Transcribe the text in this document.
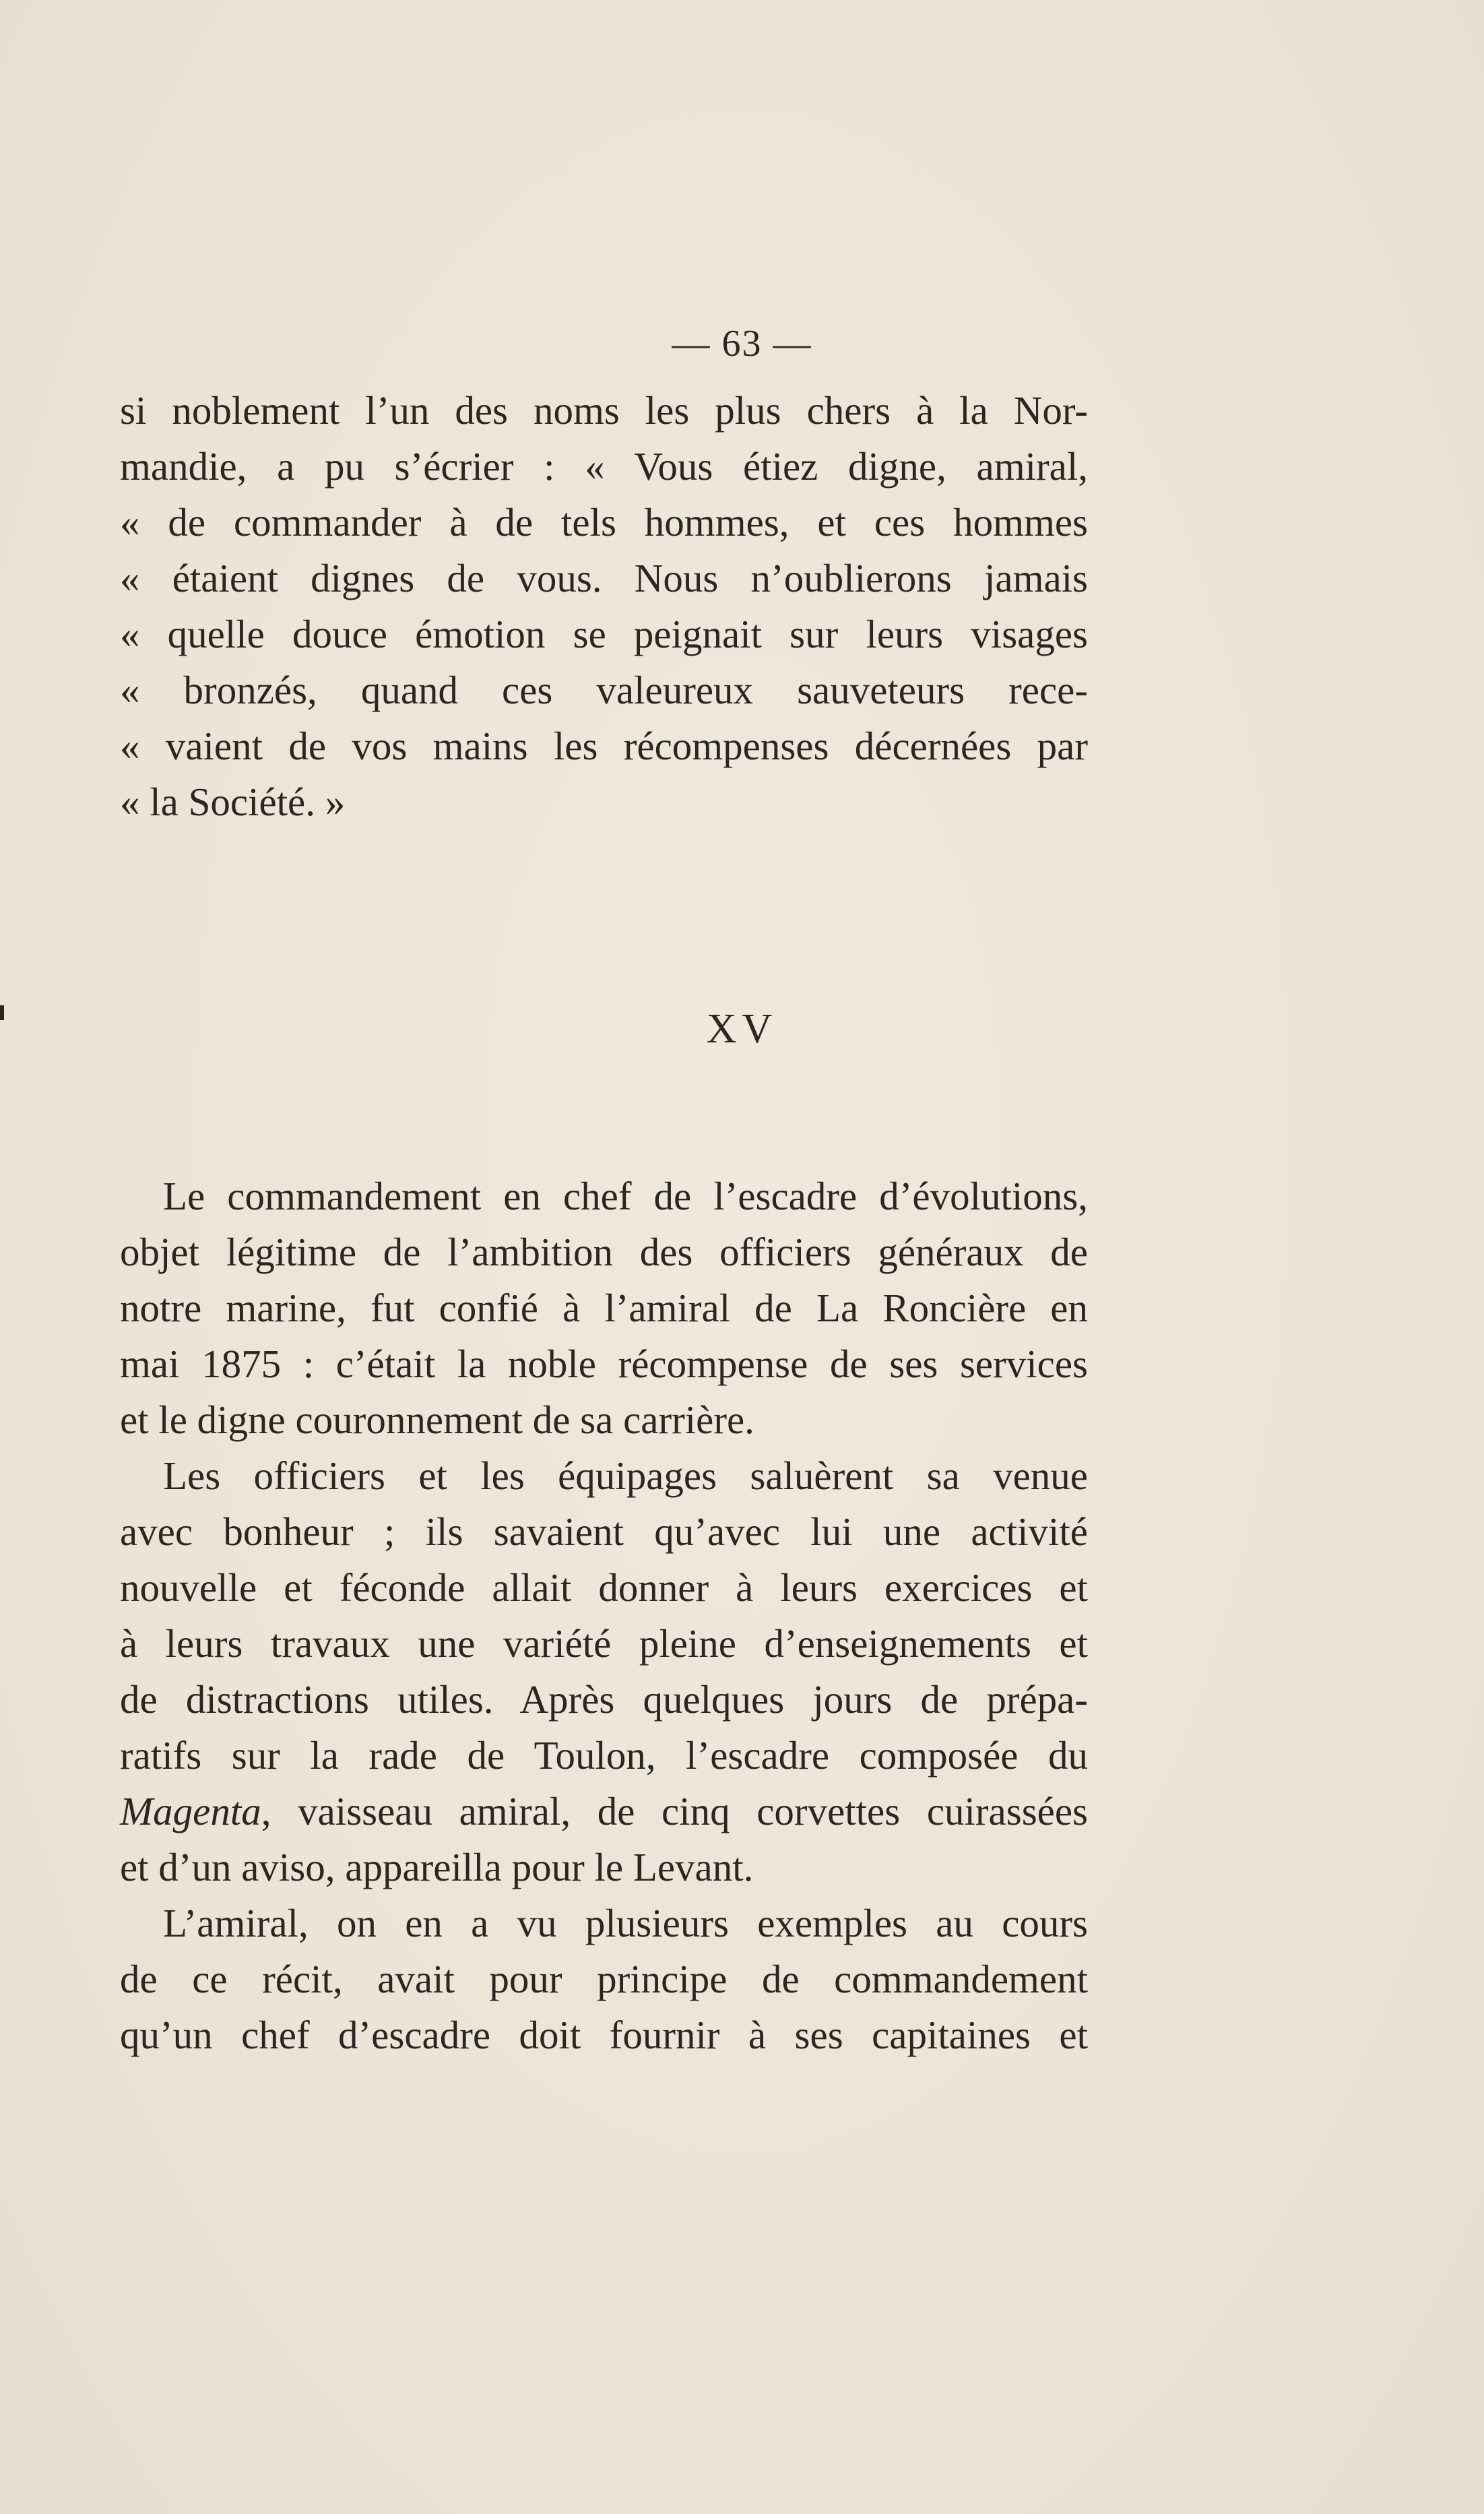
— 63 —
si noblement l’un des noms les plus chers à la Nor-
mandie, a pu s’écrier : « Vous étiez digne, amiral,
« de commander à de tels hommes, et ces hommes
« étaient dignes de vous. Nous n’oublierons jamais
« quelle douce émotion se peignait sur leurs visages
« bronzés, quand ces valeureux sauveteurs rece-
« vaient de vos mains les récompenses décernées par
« la Société. »
XV
Le commandement en chef de l’escadre d’évolutions,
objet légitime de l’ambition des officiers généraux de
notre marine, fut confié à l’amiral de La Roncière en
mai 1875 : c’était la noble récompense de ses services
et le digne couronnement de sa carrière.
Les officiers et les équipages saluèrent sa venue
avec bonheur ; ils savaient qu’avec lui une activité
nouvelle et féconde allait donner à leurs exercices et
à leurs travaux une variété pleine d’enseignements et
de distractions utiles. Après quelques jours de prépa-
ratifs sur la rade de Toulon, l’escadre composée du
Magenta, vaisseau amiral, de cinq corvettes cuirassées
et d’un aviso, appareilla pour le Levant.
L’amiral, on en a vu plusieurs exemples au cours
de ce récit, avait pour principe de commandement
qu’un chef d’escadre doit fournir à ses capitaines et
